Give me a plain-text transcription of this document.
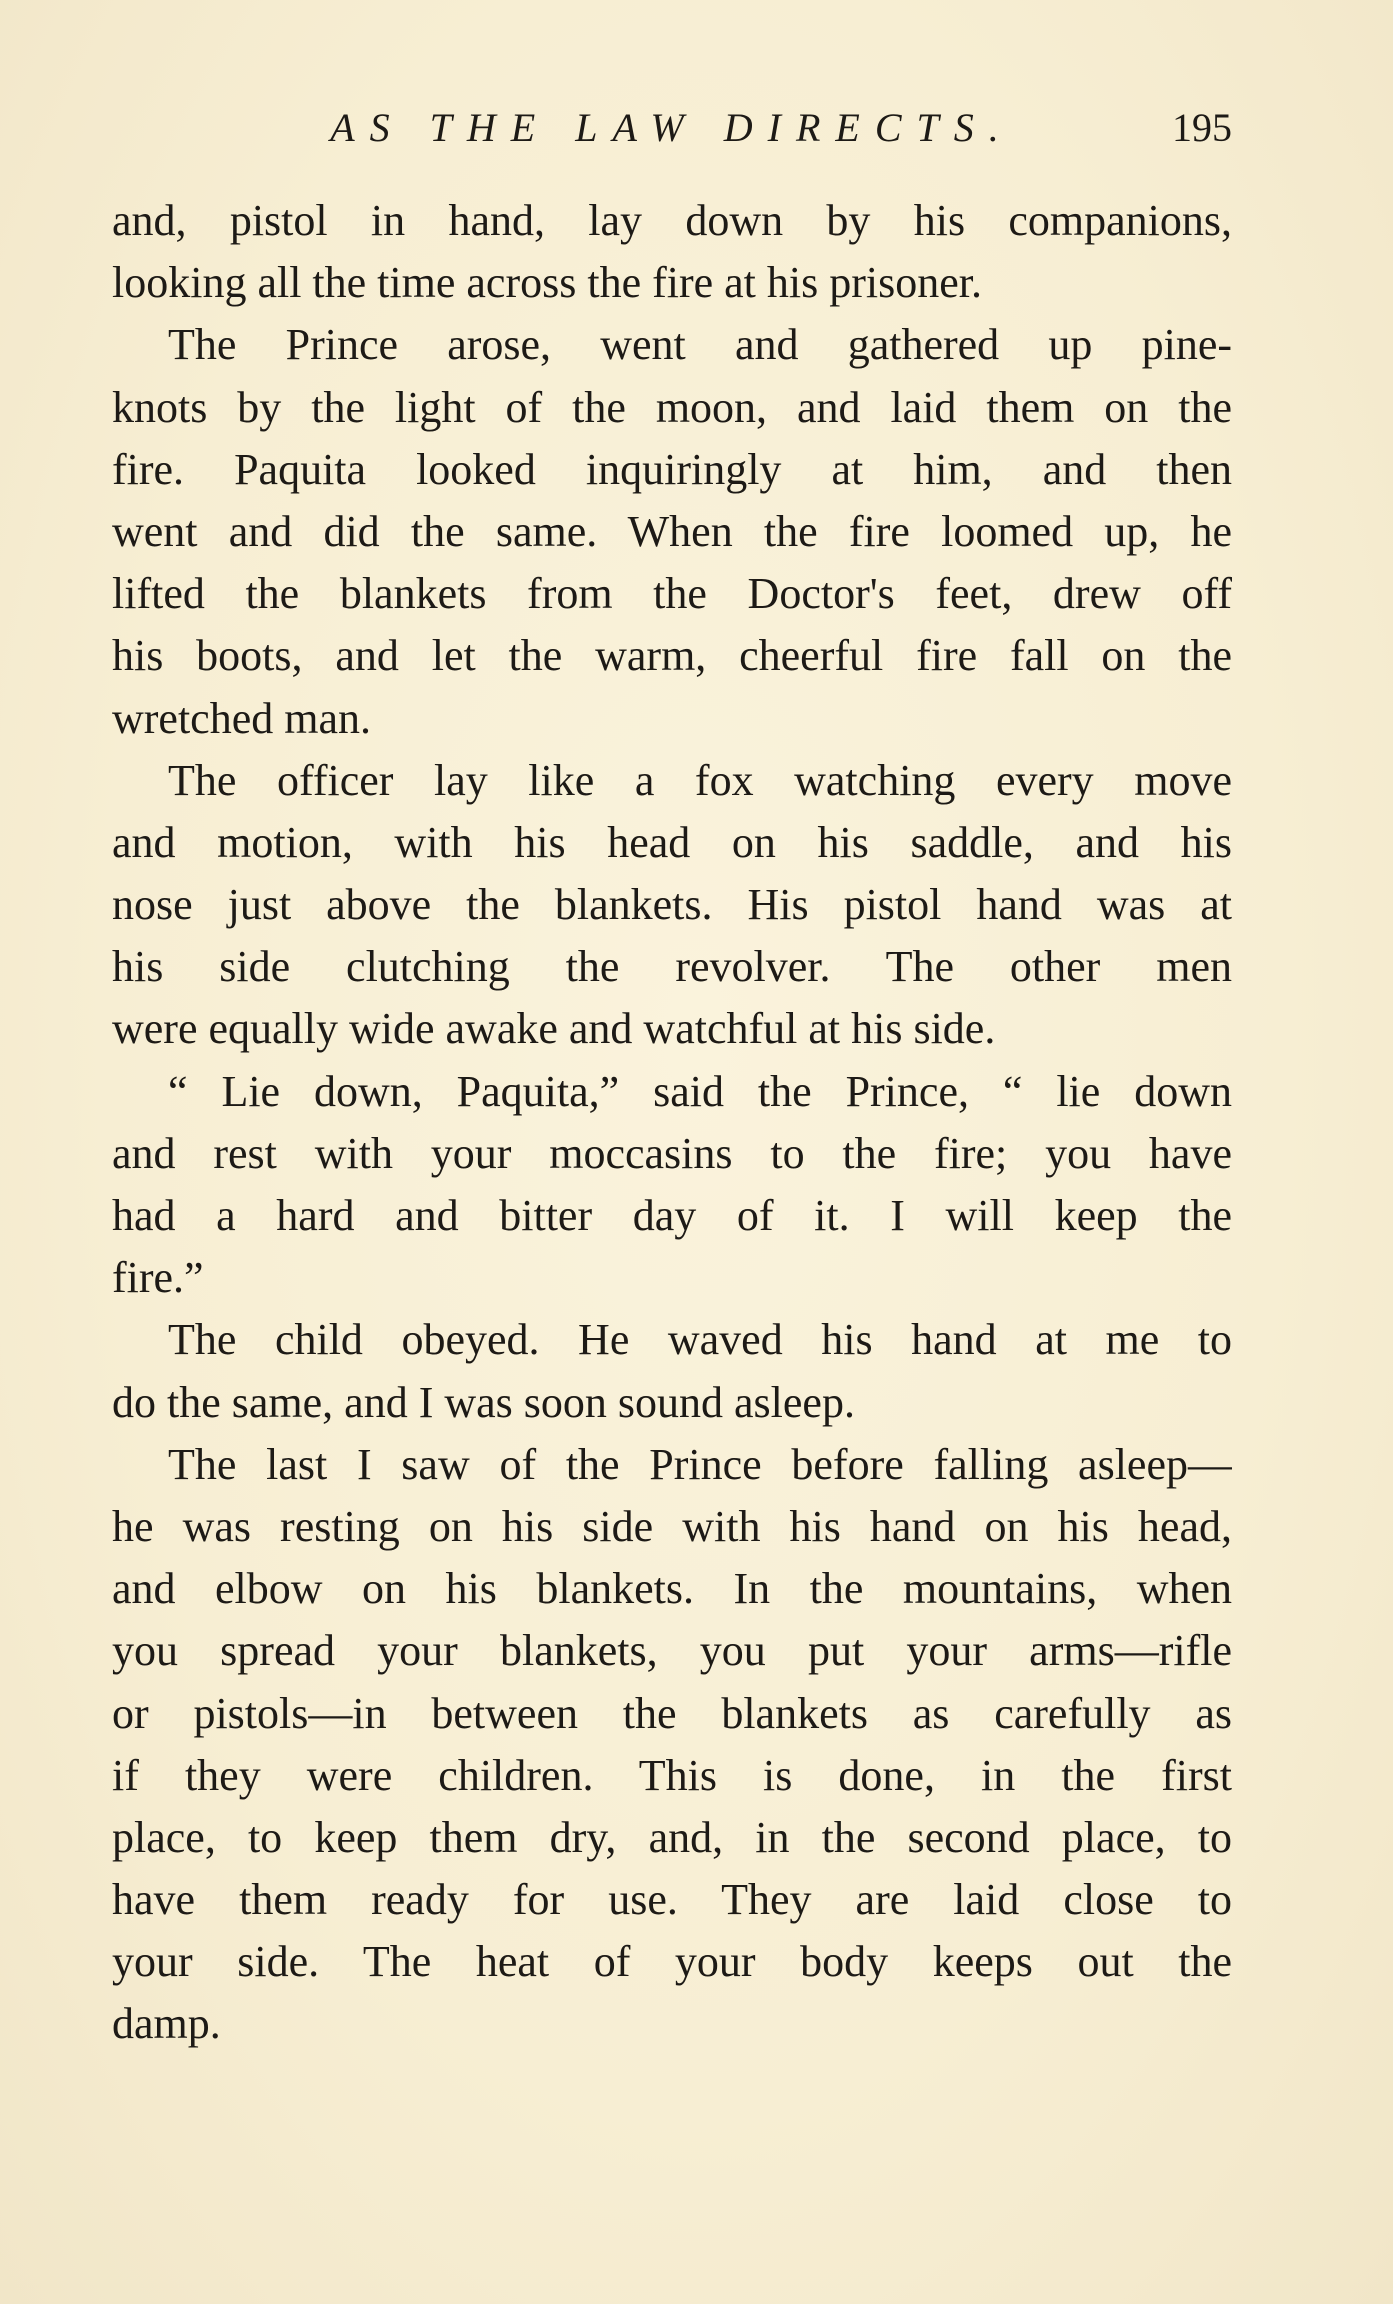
AS THE LAW DIRECTS.	195
and, pistol in hand, lay down by his companions,
looking all the time across the fire at his prisoner.
The Prince arose, went and gathered up pine-
knots by the light of the moon, and laid them on the
fire. Paquita looked inquiringly at him, and then
went and did the same. When the fire loomed up, he
lifted the blankets from the Doctor's feet, drew off
his boots, and let the warm, cheerful fire fall on the
wretched man.
The officer lay like a fox watching every move
and motion, with his head on his saddle, and his
nose just above the blankets. His pistol hand was at
his side clutching the revolver. The other men
were equally wide awake and watchful at his side.
“ Lie down, Paquita,” said the Prince, “ lie down
and rest with your moccasins to the fire; you have
had a hard and bitter day of it. I will keep the
fire.”
The child obeyed. He waved his hand at me to
do the same, and I was soon sound asleep.
The last I saw of the Prince before falling asleep—
he was resting on his side with his hand on his head,
and elbow on his blankets. In the mountains, when
you spread your blankets, you put your arms—rifle
or pistols—in between the blankets as carefully as
if they were children. This is done, in the first
place, to keep them dry, and, in the second place, to
have them ready for use. They are laid close to
your side. The heat of your body keeps out the
damp.
